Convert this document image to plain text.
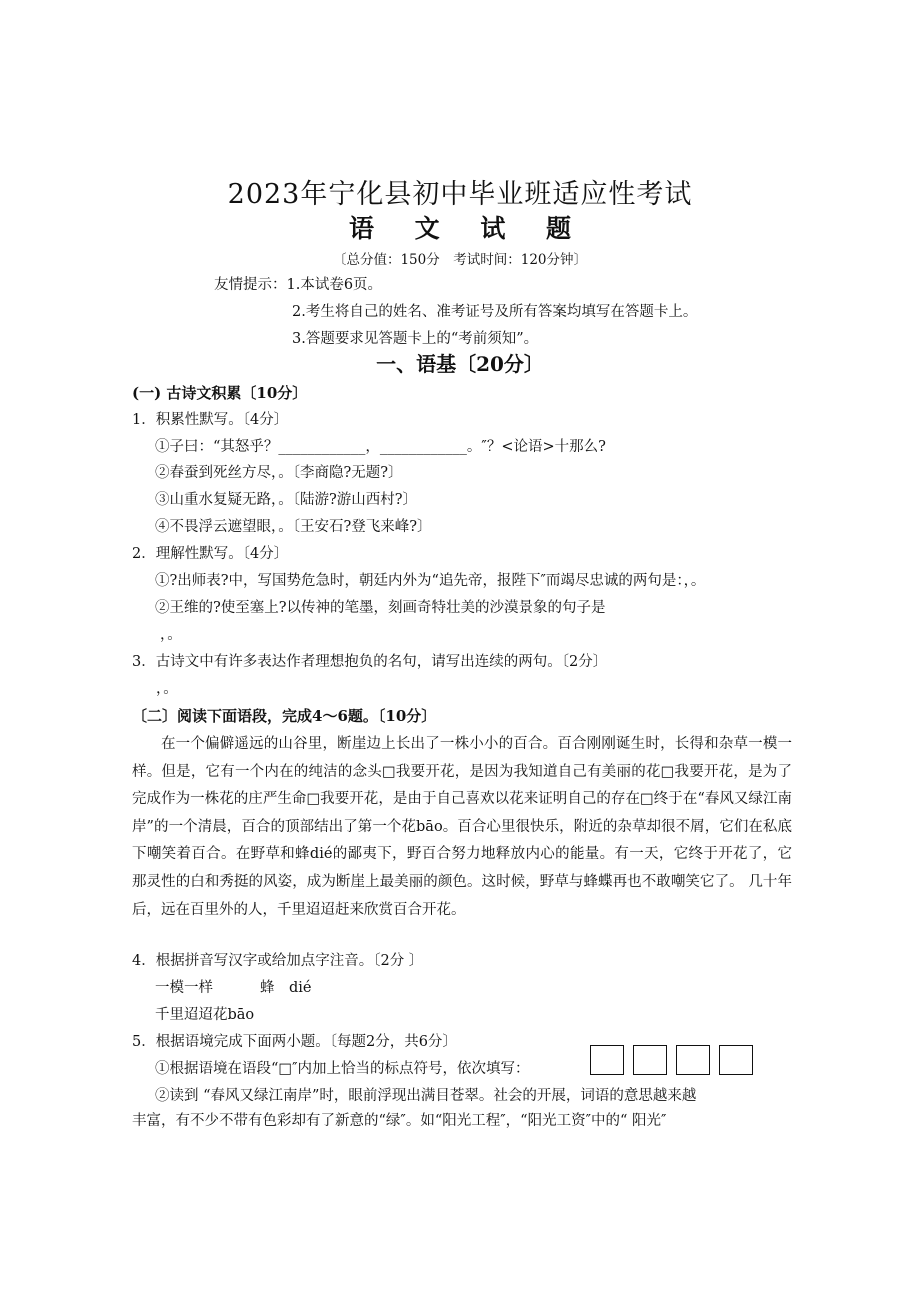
2023年宁化县初中毕业班适应性考试
语 文 试 题
〔总分值：150分　考试时间：120分钟〕
友情提示：1.本试卷6页。
2.考生将自己的姓名、准考证号及所有答案均填写在答题卡上。
3.答题要求见答题卡上的“考前须知”。
一、语基〔20分〕
(一) 古诗文积累〔10分〕
1．积累性默写。〔4分〕
①子曰：“其怒乎？____________，____________。″？<论语>十那么?
②春蚕到死丝方尽，。〔李商隐?无题?〕
③山重水复疑无路，。〔陆游?游山西村?〕
④不畏浮云遮望眼，。〔王安石?登飞来峰?〕
2．理解性默写。〔4分〕
①?出师表?中，写国势危急时，朝廷内外为“追先帝，报陛下″而竭尽忠诚的两句是：，。
②王维的?使至塞上?以传神的笔墨，刻画奇特壮美的沙漠景象的句子是
，。
3．古诗文中有许多表达作者理想抱负的名句，请写出连续的两句。〔2分〕
，。
〔二〕阅读下面语段，完成4～6题。〔10分〕
在一个偏僻遥远的山谷里，断崖边上长出了一株小小的百合。百合刚刚诞生时，长得和杂草一模一样。但是，它有一个内在的纯洁的念头□我要开花，是因为我知道自己有美丽的花□我要开花，是为了完成作为一株花的庄严生命□我要开花，是由于自己喜欢以花来证明自己的存在□终于在“春风又绿江南岸”的一个清晨，百合的顶部结出了第一个花bāo。百合心里很快乐，附近的杂草却很不屑，它们在私底下嘲笑着百合。在野草和蜂dié的鄙夷下，野百合努力地释放内心的能量。有一天，它终于开花了，它那灵性的白和秀挺的风姿，成为断崖上最美丽的颜色。这时候，野草与蜂蝶再也不敢嘲笑它了。 几十年后，远在百里外的人，千里迢迢赶来欣赏百合开花。
4．根据拼音写汉字或给加点字注音。〔2分 〕
一模一样	蜂　dié
千里迢迢花bāo
5．根据语境完成下面两小题。〔每题2分，共6分〕
①根据语境在语段“□″内加上恰当的标点符号，依次填写：
②读到 “春风又绿江南岸”时，眼前浮现出满目苍翠。社会的开展，词语的意思越来越
丰富，有不少不带有色彩却有了新意的“绿″。如“阳光工程″，“阳光工资″中的“ 阳光″
